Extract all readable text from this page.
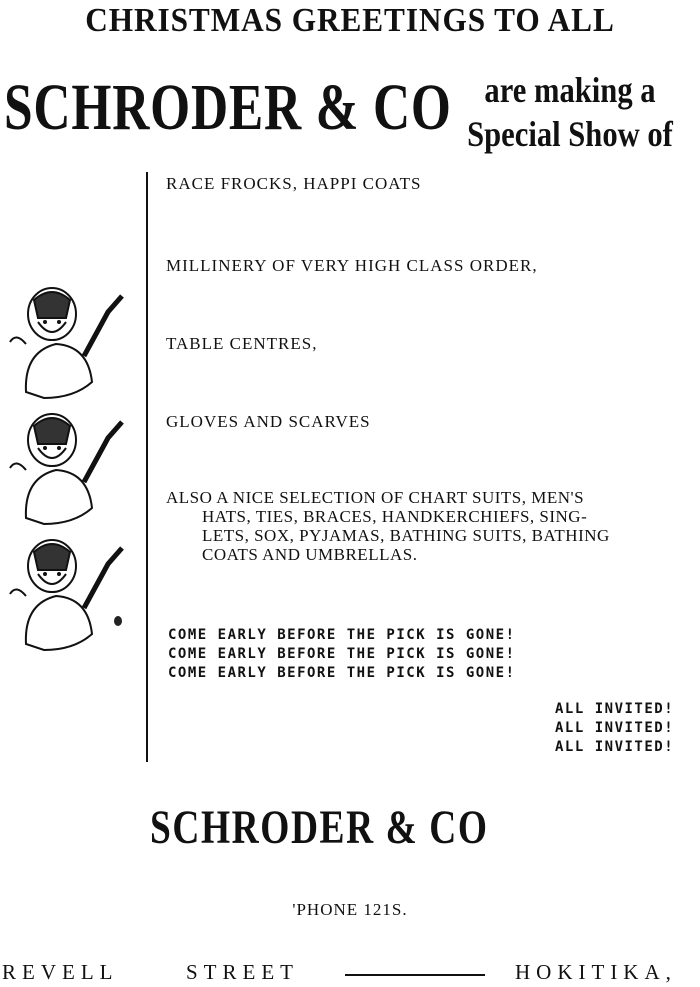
CHRISTMAS GREETINGS TO ALL
SCHRODER & CO are making a
Special Show of
RACE FROCKS, HAPPI COATS
MILLINERY OF VERY HIGH CLASS ORDER,
TABLE CENTRES,
GLOVES AND SCARVES
ALSO A NICE SELECTION OF CHART SUITS, MEN'S
HATS, TIES, BRACES, HANDKERCHIEFS, SING-
LETS, SOX, PYJAMAS, BATHING SUITS, BATHING
COATS AND UMBRELLAS.
COME EARLY BEFORE THE PICK IS GONE!
COME EARLY BEFORE THE PICK IS GONE!
COME EARLY BEFORE THE PICK IS GONE!
ALL INVITED!
ALL INVITED!
ALL INVITED!
SCHRODER & CO
'PHONE 121S.
REVELL	STREET	HOKITIKA,
